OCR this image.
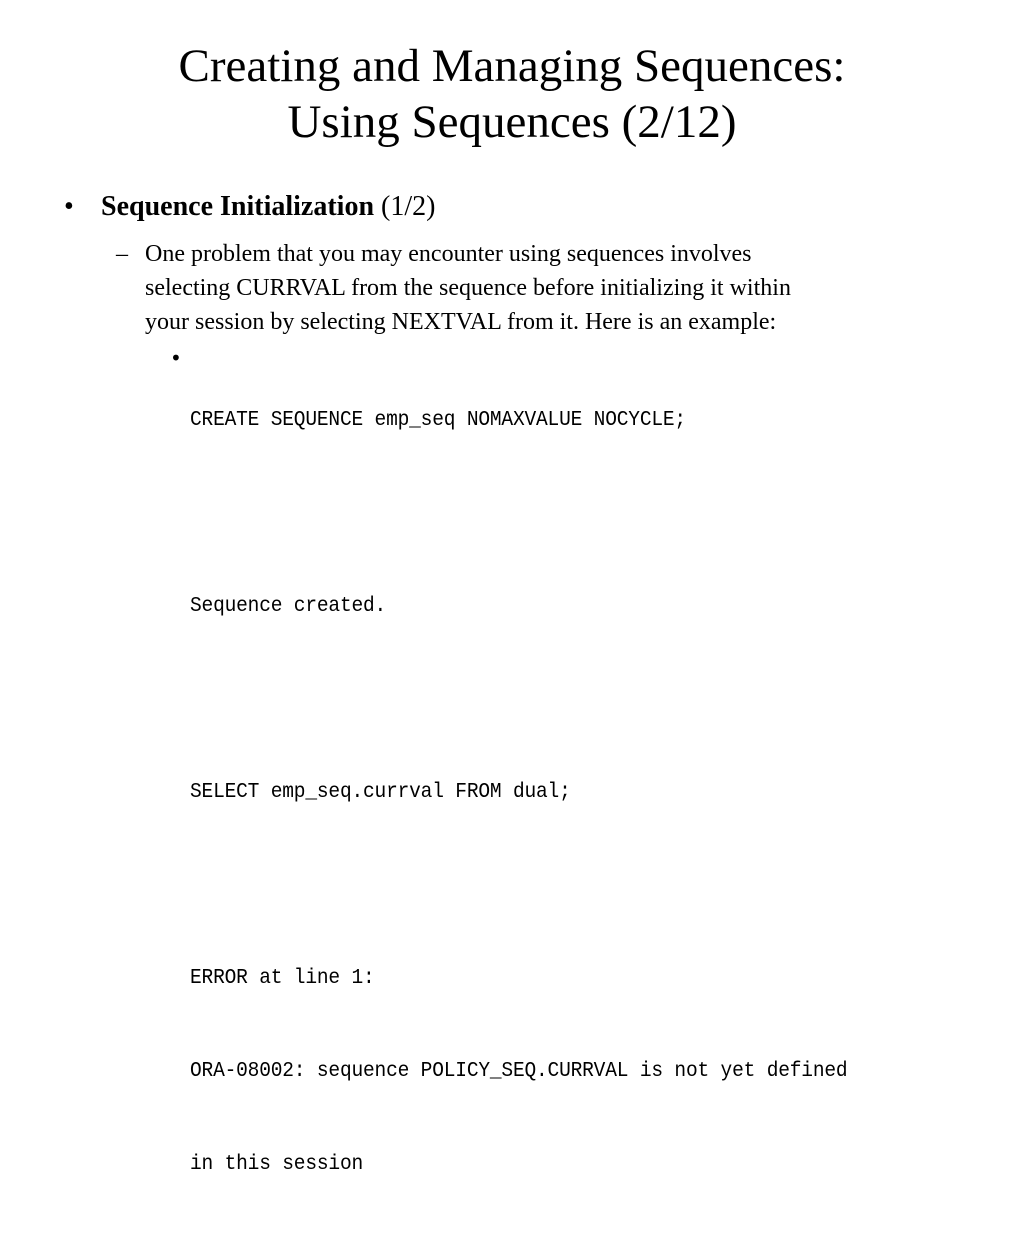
Creating and Managing Sequences:
Using Sequences (2/12)
• Sequence Initialization (1/2)
– One problem that you may encounter using sequences involves
selecting CURRVAL from the sequence before initializing it within
your session by selecting NEXTVAL from it. Here is an example:
•

CREATE SEQUENCE emp_seq NOMAXVALUE NOCYCLE;

Sequence created.

SELECT emp_seq.currval FROM dual;

ERROR at line 1:

ORA-08002: sequence POLICY_SEQ.CURRVAL is not yet defined

in this session
